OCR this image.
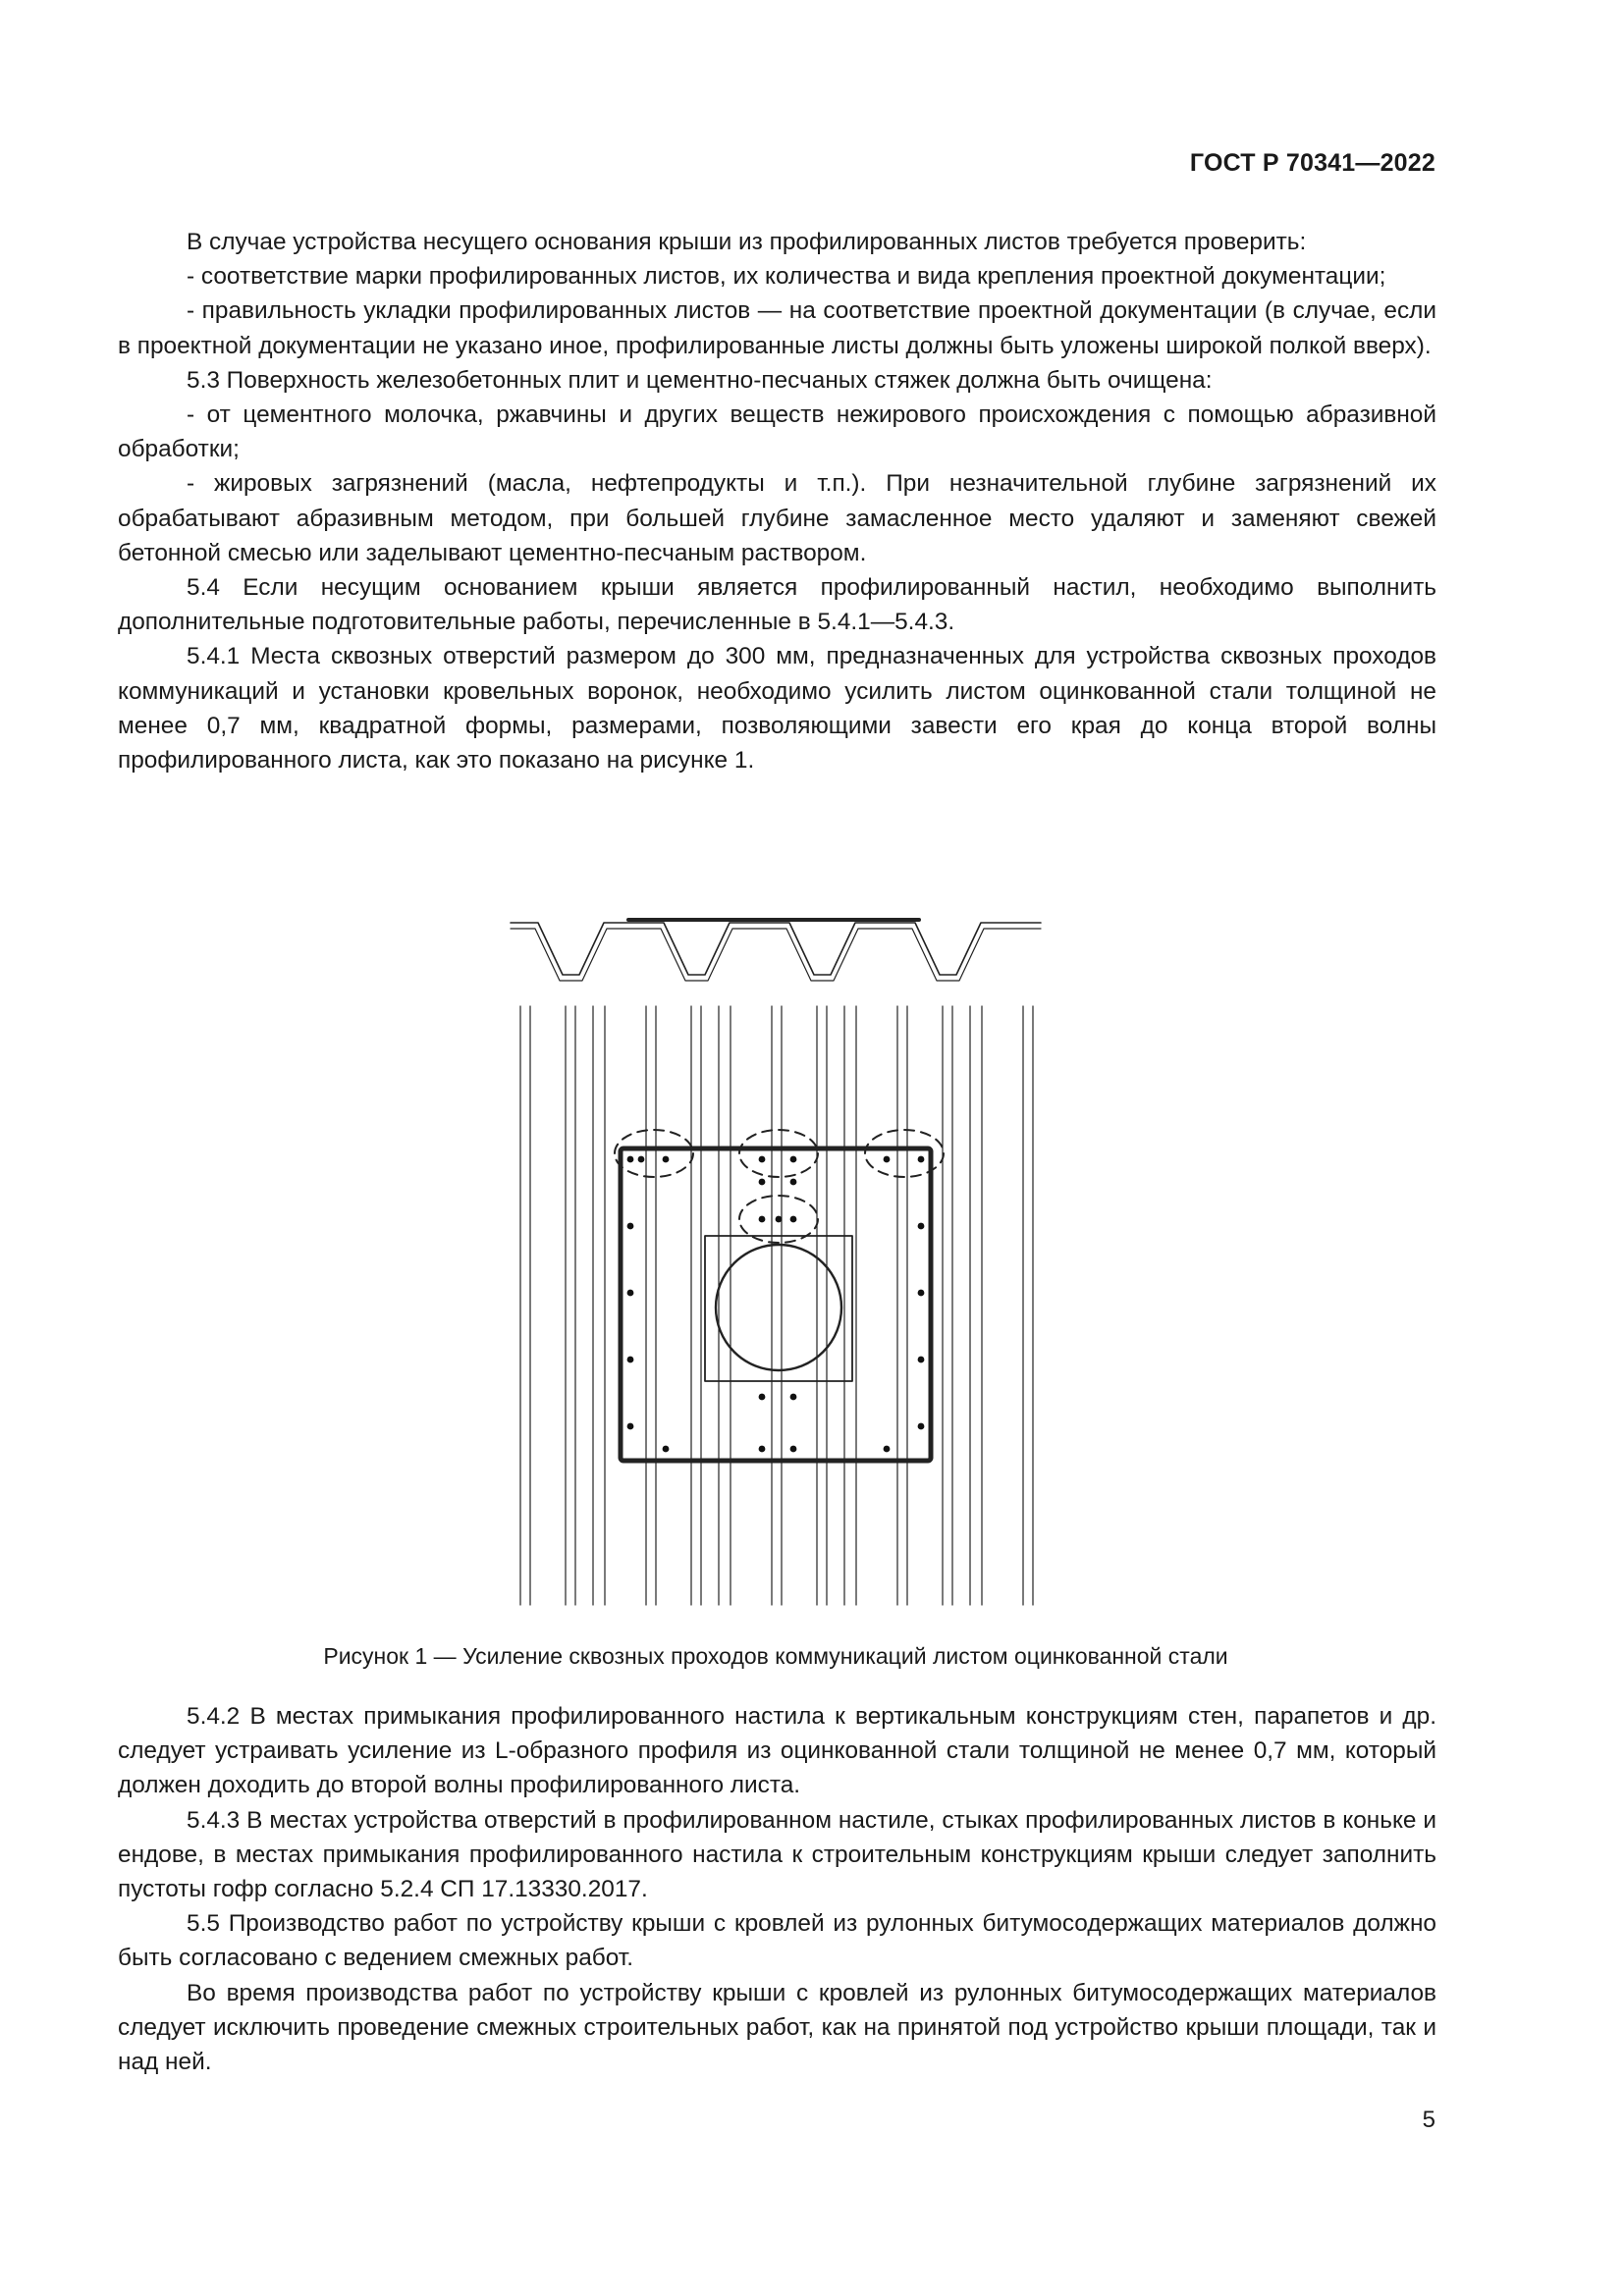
ГОСТ Р 70341—2022

В случае устройства несущего основания крыши из профилированных листов требуется проверить:

- соответствие марки профилированных листов, их количества и вида крепления проектной документации;

- правильность укладки профилированных листов — на соответствие проектной документации (в случае, если в проектной документации не указано иное, профилированные листы должны быть уложены широкой полкой вверх).

5.3 Поверхность железобетонных плит и цементно-песчаных стяжек должна быть очищена:

- от цементного молочка, ржавчины и других веществ нежирового происхождения с помощью абразивной обработки;

- жировых загрязнений (масла, нефтепродукты и т.п.). При незначительной глубине загрязнений их обрабатывают абразивным методом, при большей глубине замасленное место удаляют и заменяют свежей бетонной смесью или заделывают цементно-песчаным раствором.

5.4 Если несущим основанием крыши является профилированный настил, необходимо выполнить дополнительные подготовительные работы, перечисленные в 5.4.1—5.4.3.

5.4.1 Места сквозных отверстий размером до 300 мм, предназначенных для устройства сквозных проходов коммуникаций и установки кровельных воронок, необходимо усилить листом оцинкованной стали толщиной не менее 0,7 мм, квадратной формы, размерами, позволяющими завести его края до конца второй волны профилированного листа, как это показано на рисунке 1.

Рисунок 1 — Усиление сквозных проходов коммуникаций листом оцинкованной стали

5.4.2 В местах примыкания профилированного настила к вертикальным конструкциям стен, парапетов и др. следует устраивать усиление из L-образного профиля из оцинкованной стали толщиной не менее 0,7 мм, который должен доходить до второй волны профилированного листа.

5.4.3 В местах устройства отверстий в профилированном настиле, стыках профилированных листов в коньке и ендове, в местах примыкания профилированного настила к строительным конструкциям крыши следует заполнить пустоты гофр согласно 5.2.4 СП 17.13330.2017.

5.5 Производство работ по устройству крыши с кровлей из рулонных битумосодержащих материалов должно быть согласовано с ведением смежных работ.

Во время производства работ по устройству крыши с кровлей из рулонных битумосодержащих материалов следует исключить проведение смежных строительных работ, как на принятой под устройство крыши площади, так и над ней.

5
